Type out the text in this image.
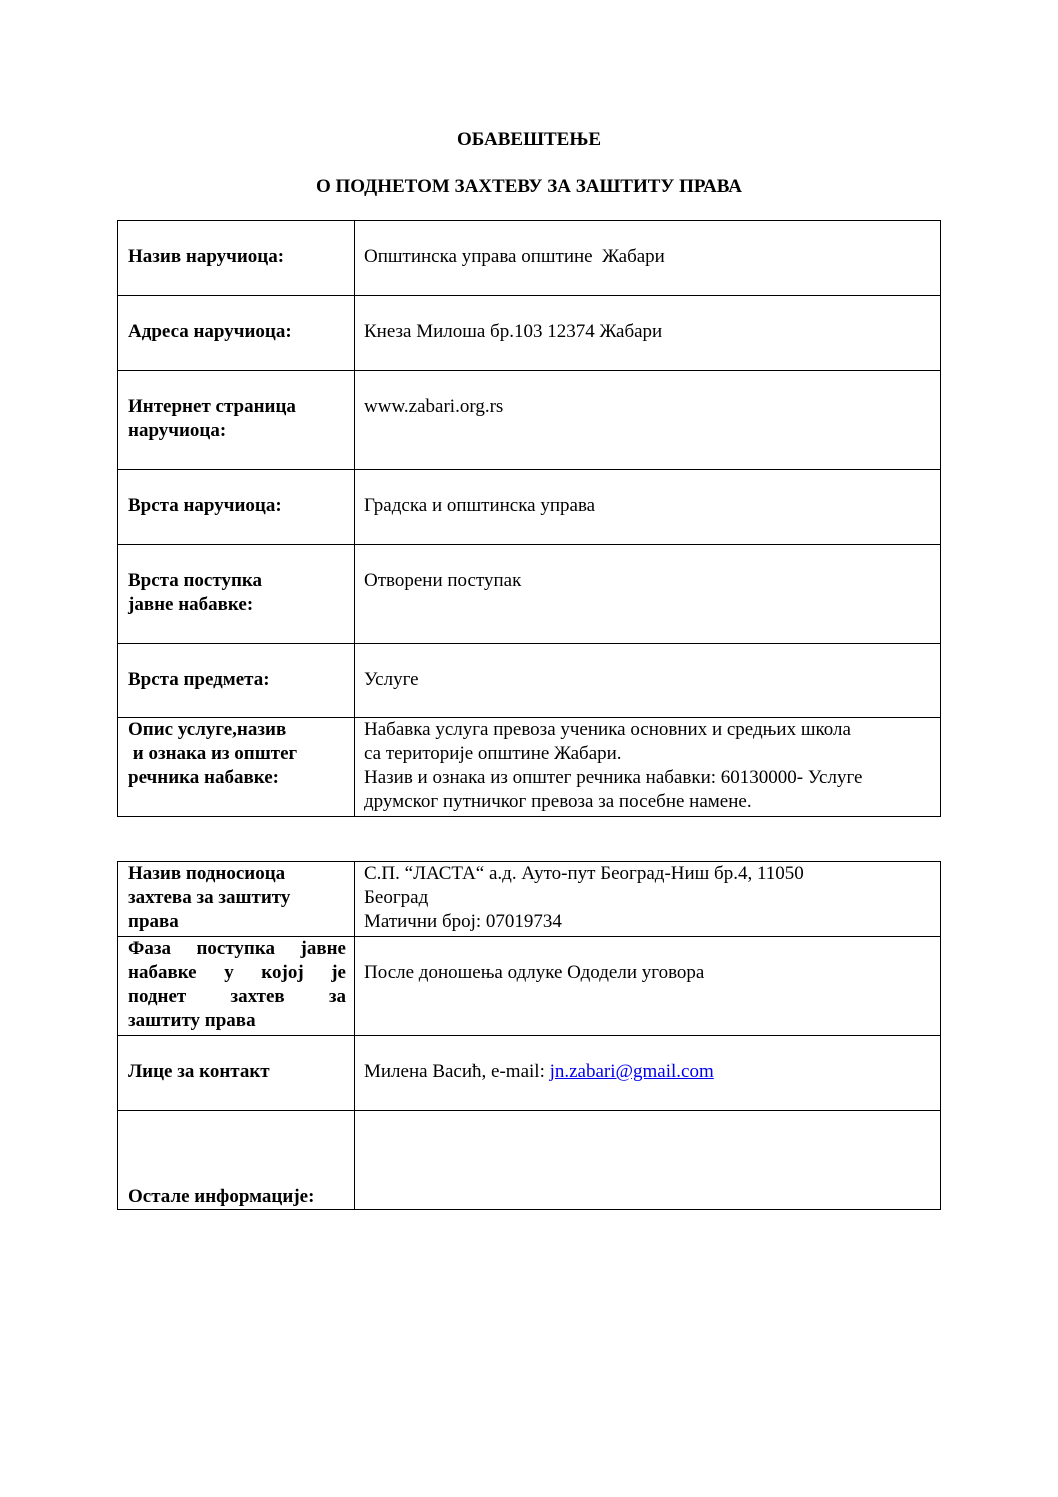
ОБАВЕШТЕЊЕ
О ПОДНЕТОМ ЗАХТЕВУ ЗА ЗАШТИТУ ПРАВА
Назив наручиоца:	Општинска управа општине  Жабари
Адреса наручиоца:	Кнеза Милоша бр.103 12374 Жабари

Интернет страница
наручиоца:	www.zabari.org.rs
Врста наручиоца:	Градска и општинска управа

Врста поступка
јавне набавке:	Отворени поступак
Врста предмета:	Услуге

Опис услуге,назив
и ознака из општег
речника набавке:	Набавка услуга превоза ученика основних и средњих школа
са територије општине Жабари.
Назив и ознака из општег речника набавки: 60130000- Услуге
друмског путничког превоза за посебне намене.
Назив подносиоца
захтева за заштиту
права	С.П. “ЛАСТА“ а.д. Ауто-пут Београд-Ниш бр.4, 11050
Београд
Матични број: 07019734

Фаза поступка јавне
набавке у којој је
поднет захтев за
заштиту права	После доношења одлуке Ододели уговора
Лице за контакт	Милена Васић, e-mail: jn.zabari@gmail.com
Остале информације:	
